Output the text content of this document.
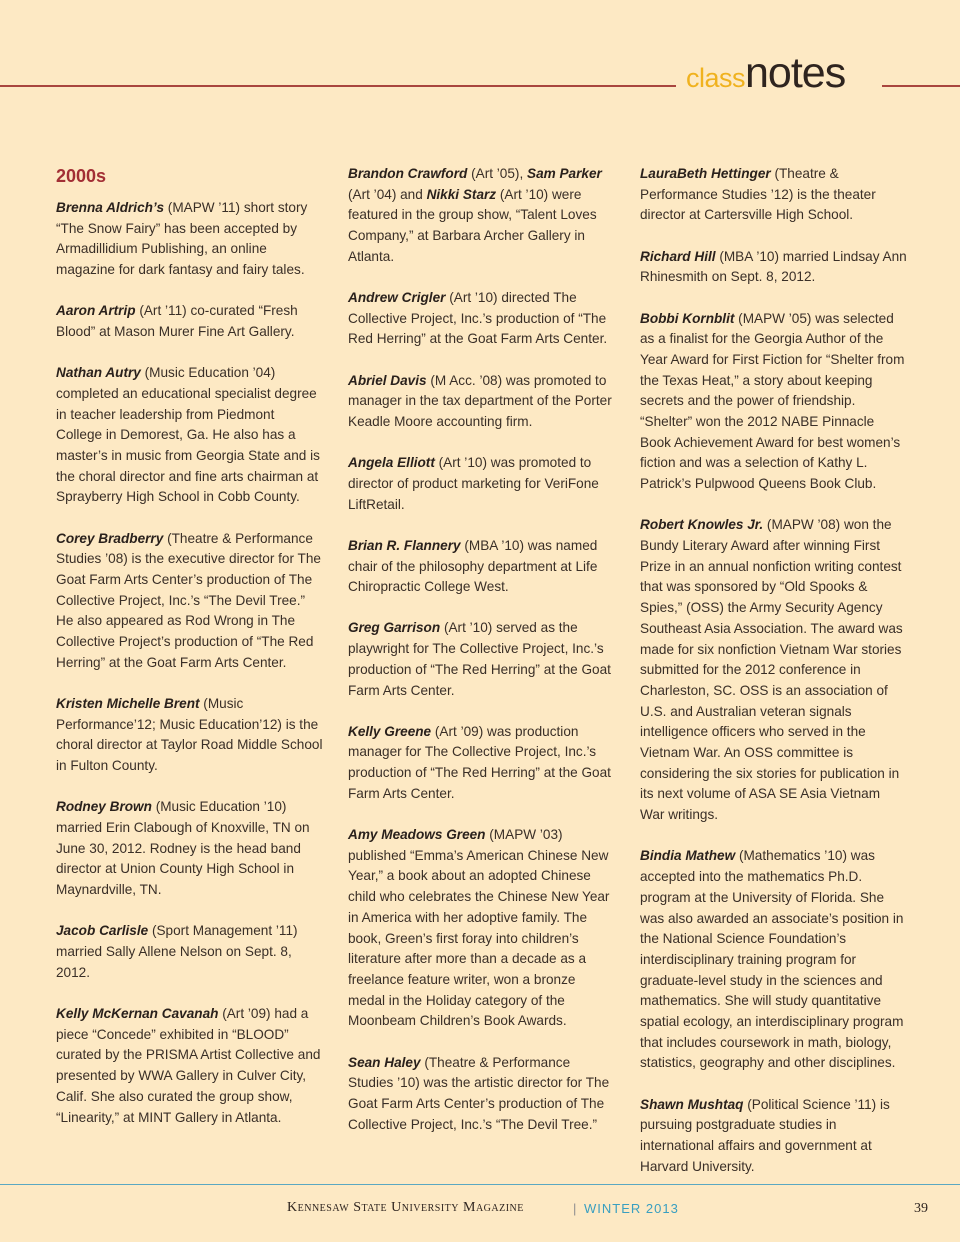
classnotes
2000s

Brenna Aldrich’s (MAPW ’11) short story “The Snow Fairy” has been accepted by Armadillidium Publishing, an online magazine for dark fantasy and fairy tales.

Aaron Artrip (Art ’11) co-curated “Fresh Blood” at Mason Murer Fine Art Gallery.

Nathan Autry (Music Education ’04) completed an educational specialist degree in teacher leadership from Piedmont College in Demorest, Ga. He also has a master’s in music from Georgia State and is the choral director and fine arts chairman at Sprayberry High School in Cobb County.

Corey Bradberry (Theatre & Performance Studies ’08) is the executive director for The Goat Farm Arts Center’s production of The Collective Project, Inc.’s “The Devil Tree.” He also appeared as Rod Wrong in The Collective Project’s production of “The Red Herring” at the Goat Farm Arts Center.

Kristen Michelle Brent (Music Performance’12; Music Education’12) is the choral director at Taylor Road Middle School in Fulton County.

Rodney Brown (Music Education ’10) married Erin Clabough of Knoxville, TN on June 30, 2012. Rodney is the head band director at Union County High School in Maynardville, TN.

Jacob Carlisle (Sport Management ’11) married Sally Allene Nelson on Sept. 8, 2012.

Kelly McKernan Cavanah (Art ’09) had a piece “Concede” exhibited in “BLOOD” curated by the PRISMA Artist Collective and presented by WWA Gallery in Culver City, Calif. She also curated the group show, “Linearity,” at MINT Gallery in Atlanta.

Brandon Crawford (Art ’05), Sam Parker (Art ’04) and Nikki Starz (Art ’10) were featured in the group show, “Talent Loves Company,” at Barbara Archer Gallery in Atlanta.

Andrew Crigler (Art ’10) directed The Collective Project, Inc.’s production of “The Red Herring” at the Goat Farm Arts Center.

Abriel Davis (M Acc. ’08) was promoted to manager in the tax department of the Porter Keadle Moore accounting firm.

Angela Elliott (Art ’10) was promoted to director of product marketing for VeriFone LiftRetail.

Brian R. Flannery (MBA ’10) was named chair of the philosophy department at Life Chiropractic College West.

Greg Garrison (Art ’10) served as the playwright for The Collective Project, Inc.’s production of “The Red Herring” at the Goat Farm Arts Center.

Kelly Greene (Art ’09) was production manager for The Collective Project, Inc.’s production of “The Red Herring” at the Goat Farm Arts Center.

Amy Meadows Green (MAPW ’03) published “Emma’s American Chinese New Year,” a book about an adopted Chinese child who celebrates the Chinese New Year in America with her adoptive family. The book, Green’s first foray into children’s literature after more than a decade as a freelance feature writer, won a bronze medal in the Holiday category of the Moonbeam Children’s Book Awards.

Sean Haley (Theatre & Performance Studies ’10) was the artistic director for The Goat Farm Arts Center’s production of The Collective Project, Inc.’s “The Devil Tree.”

LauraBeth Hettinger (Theatre & Performance Studies ’12) is the theater director at Cartersville High School.

Richard Hill (MBA ’10) married Lindsay Ann Rhinesmith on Sept. 8, 2012.

Bobbi Kornblit (MAPW ’05) was selected as a finalist for the Georgia Author of the Year Award for First Fiction for “Shelter from the Texas Heat,” a story about keeping secrets and the power of friendship. “Shelter” won the 2012 NABE Pinnacle Book Achievement Award for best women’s fiction and was a selection of Kathy L. Patrick’s Pulpwood Queens Book Club.

Robert Knowles Jr. (MAPW ’08) won the Bundy Literary Award after winning First Prize in an annual nonfiction writing contest that was sponsored by “Old Spooks & Spies,” (OSS) the Army Security Agency Southeast Asia Association. The award was made for six nonfiction Vietnam War stories submitted for the 2012 conference in Charleston, SC. OSS is an association of U.S. and Australian veteran signals intelligence officers who served in the Vietnam War. An OSS committee is considering the six stories for publication in its next volume of ASA SE Asia Vietnam War writings.

Bindia Mathew (Mathematics ’10) was accepted into the mathematics Ph.D. program at the University of Florida. She was also awarded an associate’s position in the National Science Foundation’s interdisciplinary training program for graduate-level study in the sciences and mathematics. She will study quantitative spatial ecology, an interdisciplinary program that includes coursework in math, biology, statistics, geography and other disciplines.

Shawn Mushtaq (Political Science ’11) is pursuing postgraduate studies in international affairs and government at Harvard University.

Kennesaw State University Magazine	| WINTER 2013	39
